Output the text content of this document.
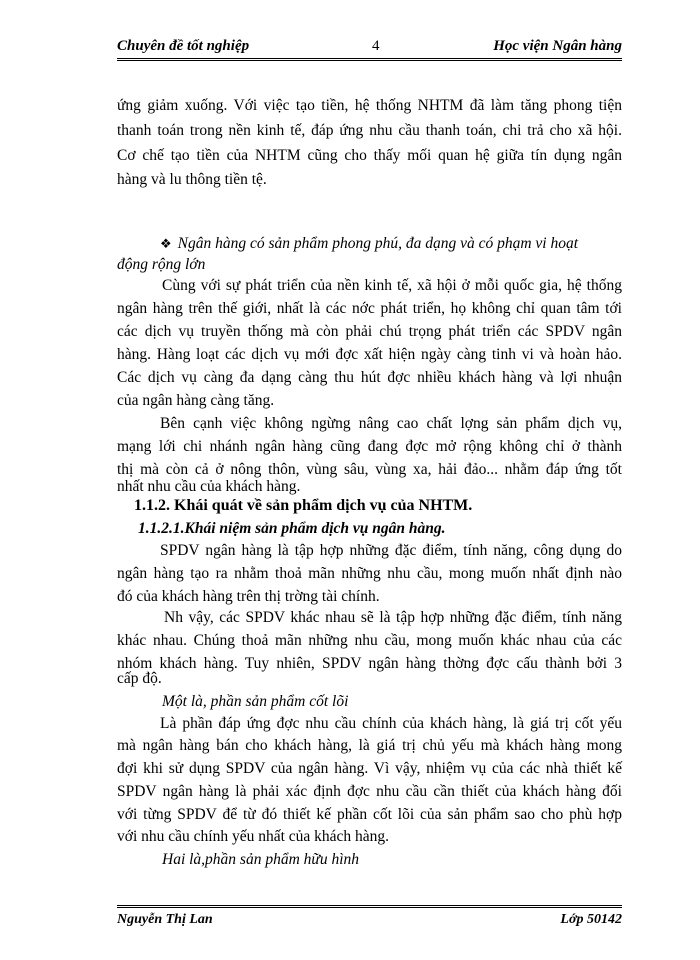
Chuyên đề tốt nghiệp	4	Học viện Ngân hàng
ứng giảm xuống. Với việc tạo tiền, hệ thống NHTM đã làm tăng phong tiện
thanh toán trong nền kinh tế, đáp ứng nhu cầu thanh toán, chi trả cho xã hội.
Cơ chế tạo tiền của NHTM cũng cho thấy mối quan hệ giữa tín dụng ngân
hàng và lu thông tiền tệ.
❖ Ngân hàng có sản phẩm phong phú, đa dạng và có phạm vi hoạt
động rộng lớn
Cùng với sự phát triển của nền kinh tế, xã hội ở mỗi quốc gia, hệ thống
ngân hàng trên thế giới, nhất là các nớc phát triển, họ không chỉ quan tâm tới
các dịch vụ truyền thống mà còn phải chú trọng phát triển các SPDV ngân
hàng. Hàng loạt các dịch vụ mới đợc xất hiện ngày càng tinh vi và hoàn hảo.
Các dịch vụ càng đa dạng càng thu hút đợc nhiều khách hàng và lợi nhuận
của ngân hàng càng tăng.
Bên cạnh việc không ngừng nâng cao chất lợng sản phẩm dịch vụ,
mạng lới chi nhánh ngân hàng cũng đang đợc mở rộng không chỉ ở thành
thị mà còn cả ở nông thôn, vùng sâu, vùng xa, hải đảo... nhằm đáp ứng tốt
nhất nhu cầu của khách hàng.
1.1.2. Khái quát về sản phẩm dịch vụ của NHTM.
1.1.2.1.Khái niệm sản phẩm dịch vụ ngân hàng.
SPDV ngân hàng là tập hợp những đặc điểm, tính năng, công dụng do
ngân hàng tạo ra nhằm thoả mãn những nhu cầu, mong muốn nhất định nào
đó của khách hàng trên thị trờng tài chính.
Nh vậy, các SPDV khác nhau sẽ là tập hợp những đặc điểm, tính năng
khác nhau. Chúng thoả mãn những nhu cầu, mong muốn khác nhau của các
nhóm khách hàng. Tuy nhiên, SPDV ngân hàng thờng đợc cấu thành bởi 3
cấp độ.
Một là, phần sản phẩm cốt lõi
Là phần đáp ứng đợc nhu cầu chính của khách hàng, là giá trị cốt yếu
mà ngân hàng bán cho khách hàng, là giá trị chủ yếu mà khách hàng mong
đợi khi sử dụng SPDV của ngân hàng. Vì vậy, nhiệm vụ của các nhà thiết kế
SPDV ngân hàng là phải xác định đợc nhu cầu cần thiết của khách hàng đối
với từng SPDV để từ đó thiết kế phần cốt lõi của sản phẩm sao cho phù hợp
với nhu cầu chính yếu nhất của khách hàng.
Hai là,phần sản phẩm hữu hình
Nguyễn Thị Lan	Lớp 50142
